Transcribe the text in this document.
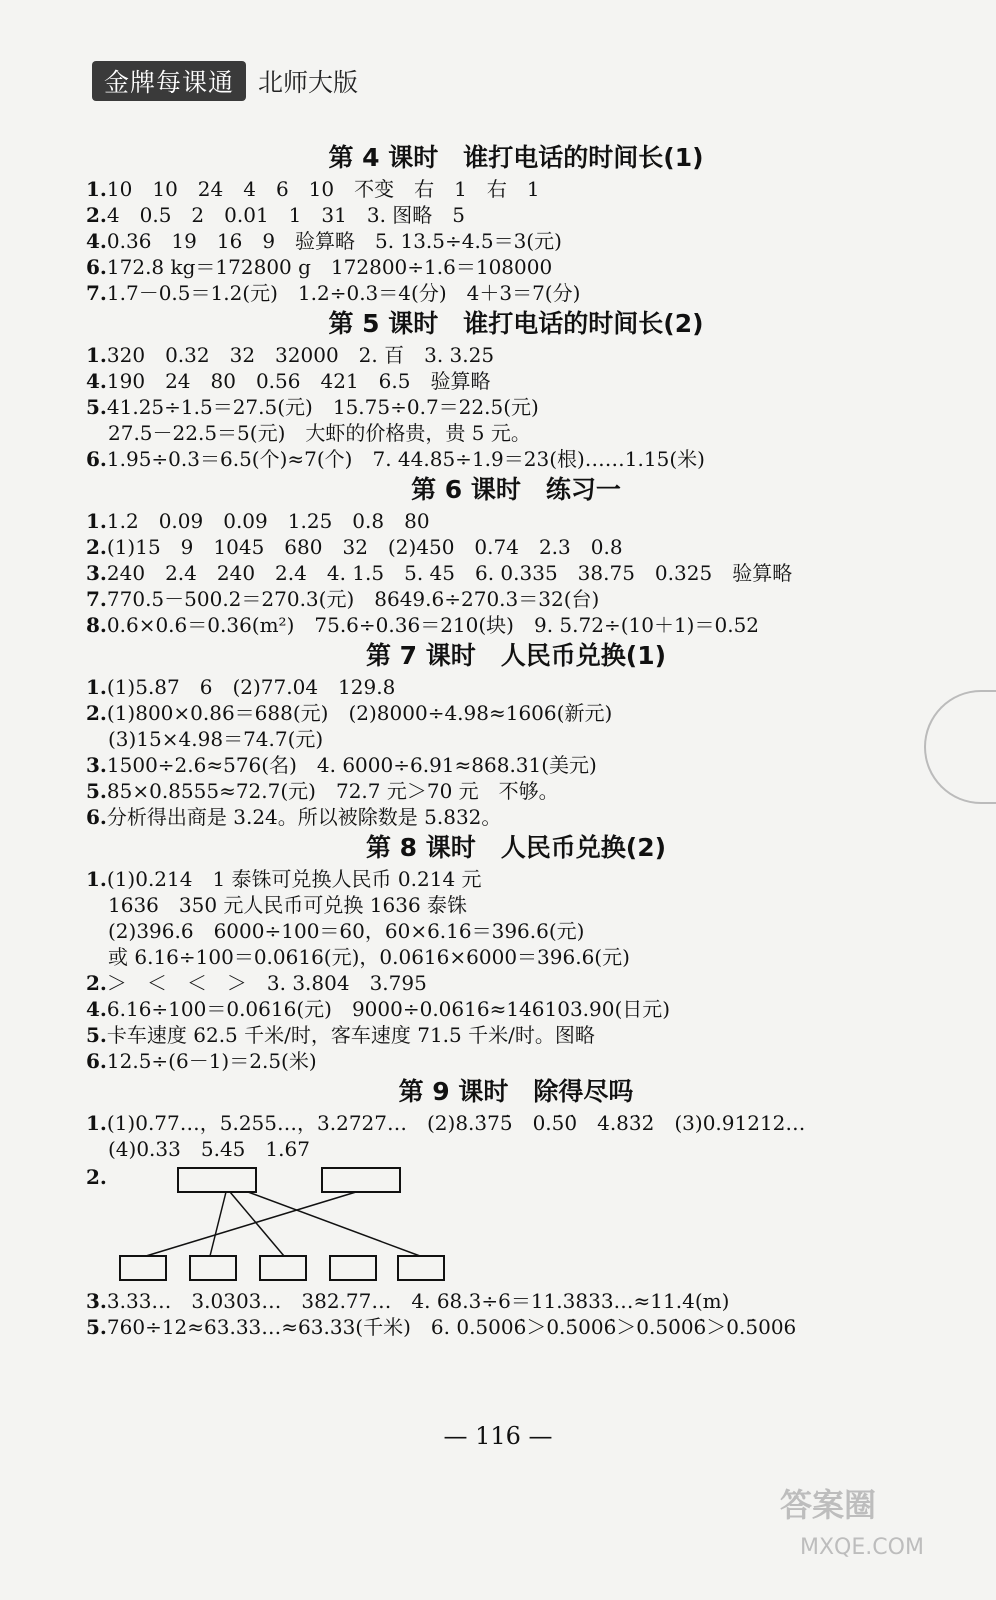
金牌每课通 北师大版
第 4 课时　谁打电话的时间长(1)

1.10　10　24　4　6　10　不变　右　1　右　1

2.4　0.5　2　0.01　1　31　3. 图略　5

4.0.36　19　16　9　验算略　5. 13.5÷4.5＝3(元)

6.172.8 kg＝172800 g　172800÷1.6＝108000

7.1.7－0.5＝1.2(元)　1.2÷0.3＝4(分)　4＋3＝7(分)

第 5 课时　谁打电话的时间长(2)

1.320　0.32　32　32000　2. 百　3. 3.25

4.190　24　80　0.56　421　6.5　验算略

5.41.25÷1.5＝27.5(元)　15.75÷0.7＝22.5(元)

27.5－22.5＝5(元)　大虾的价格贵，贵 5 元。

6.1.95÷0.3＝6.5(个)≈7(个)　7. 44.85÷1.9＝23(根)……1.15(米)

第 6 课时　练习一

1.1.2　0.09　0.09　1.25　0.8　80

2.(1)15　9　1045　680　32　(2)450　0.74　2.3　0.8

3.240　2.4　240　2.4　4. 1.5　5. 45　6. 0.335　38.75　0.325　验算略

7.770.5－500.2＝270.3(元)　8649.6÷270.3＝32(台)

8.0.6×0.6＝0.36(m²)　75.6÷0.36＝210(块)　9. 5.72÷(10＋1)＝0.52

第 7 课时　人民币兑换(1)

1.(1)5.87　6　(2)77.04　129.8

2.(1)800×0.86＝688(元)　(2)8000÷4.98≈1606(新元)

(3)15×4.98＝74.7(元)

3.1500÷2.6≈576(名)　4. 6000÷6.91≈868.31(美元)

5.85×0.8555≈72.7(元)　72.7 元＞70 元　不够。

6.分析得出商是 3.24。所以被除数是 5.832。

第 8 课时　人民币兑换(2)

1.(1)0.214　1 泰铢可兑换人民币 0.214 元

1636　350 元人民币可兑换 1636 泰铢

(2)396.6　6000÷100＝60，60×6.16＝396.6(元)

或 6.16÷100＝0.0616(元)，0.0616×6000＝396.6(元)

2.＞　＜　＜　＞　3. 3.804　3.795

4.6.16÷100＝0.0616(元)　9000÷0.0616≈146103.90(日元)

5.卡车速度 62.5 千米/时，客车速度 71.5 千米/时。图略

6.12.5÷(6－1)＝2.5(米)

第 9 课时　除得尽吗

1.(1)0.77…，5.255…，3.2727…　(2)8.3̇75̇　0.5̇0̇　4.83̇2̇　(3)0.91212…

(4)0.33　5.45　1.67

2.

3.3.33…　3.0303…　382.77…　4. 68.3÷6＝11.3833…≈11.4(m)

5.760÷12≈63.33…≈63.33(千米)　6. 0.5006̇＞0.5̇006̇＞0.50̇06̇＞0.5̇006

— 116 —
答案圈
MXQE.COM
